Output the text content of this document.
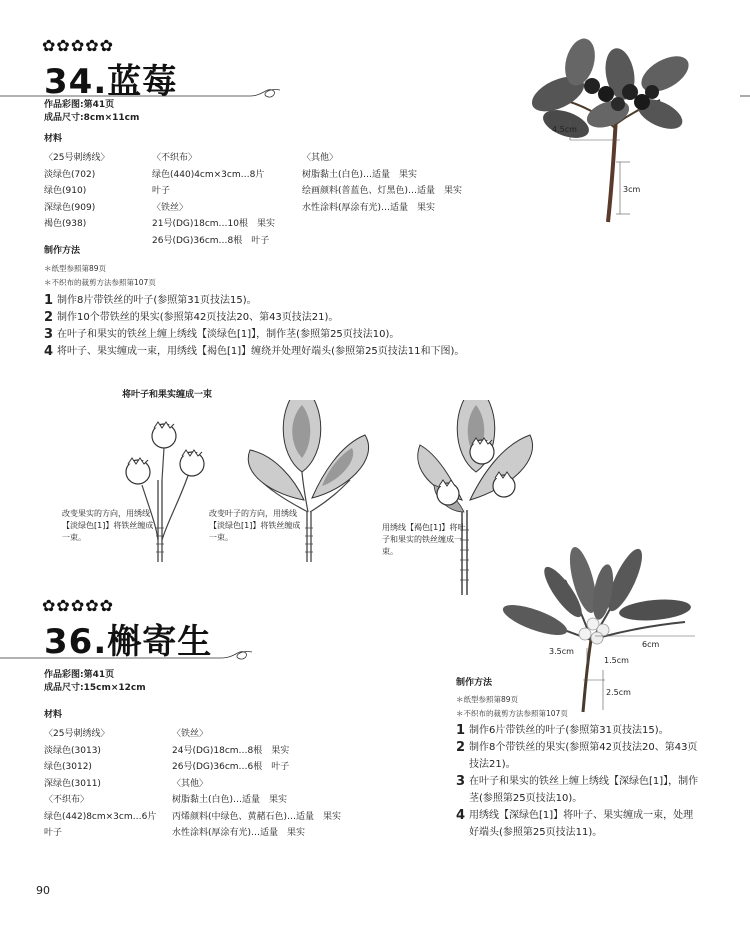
✿✿✿✿✿
34.蓝莓
作品彩图:第41页
成品尺寸:8cm×11cm
材料
〈25号刺绣线〉
淡绿色(702)
绿色(910)
深绿色(909)
褐色(938)
〈不织布〉
绿色(440)4cm×3cm…8片
叶子
〈铁丝〉
21号(DG)18cm…10根　果实
26号(DG)36cm…8根　叶子
〈其他〉
树脂黏土(白色)…适量　果实
绘画颜料(普蓝色、灯黑色)…适量　果实
水性涂料(厚涂有光)…适量　果实
制作方法
＊纸型参照第89页
＊不织布的裁剪方法参照第107页
1 制作8片带铁丝的叶子(参照第31页技法15)。
2 制作10个带铁丝的果实(参照第42页技法20、第43页技法21)。
3 在叶子和果实的铁丝上缠上绣线【淡绿色[1]】，制作茎(参照第25页技法10)。
4 将叶子、果实缠成一束，用绣线【褐色[1]】缠绕并处理好端头(参照第25页技法11和下图)。
4.5cm
3cm
将叶子和果实缠成一束
改变果实的方向，用绣线【淡绿色[1]】将铁丝缠成一束。
改变叶子的方向，用绣线【淡绿色[1]】将铁丝缠成一束。
用绣线【褐色[1]】将叶子和果实的铁丝缠成一束。
✿✿✿✿✿
36.槲寄生
作品彩图:第41页
成品尺寸:15cm×12cm
材料
〈25号刺绣线〉
淡绿色(3013)
绿色(3012)
深绿色(3011)
〈不织布〉
绿色(442)8cm×3cm…6片
叶子
〈铁丝〉
24号(DG)18cm…8根　果实
26号(DG)36cm…6根　叶子
〈其他〉
树脂黏土(白色)…适量　果实
丙烯颜料(中绿色、黄赭石色)…适量　果实
水性涂料(厚涂有光)…适量　果实
6cm
3.5cm
1.5cm
2.5cm
制作方法
＊纸型参照第89页
＊不织布的裁剪方法参照第107页
1 制作6片带铁丝的叶子(参照第31页技法15)。
2 制作8个带铁丝的果实(参照第42页技法20、第43页技法21)。
3 在叶子和果实的铁丝上缠上绣线【深绿色[1]】，制作茎(参照第25页技法10)。
4 用绣线【深绿色[1]】将叶子、果实缠成一束，处理好端头(参照第25页技法11)。
90
